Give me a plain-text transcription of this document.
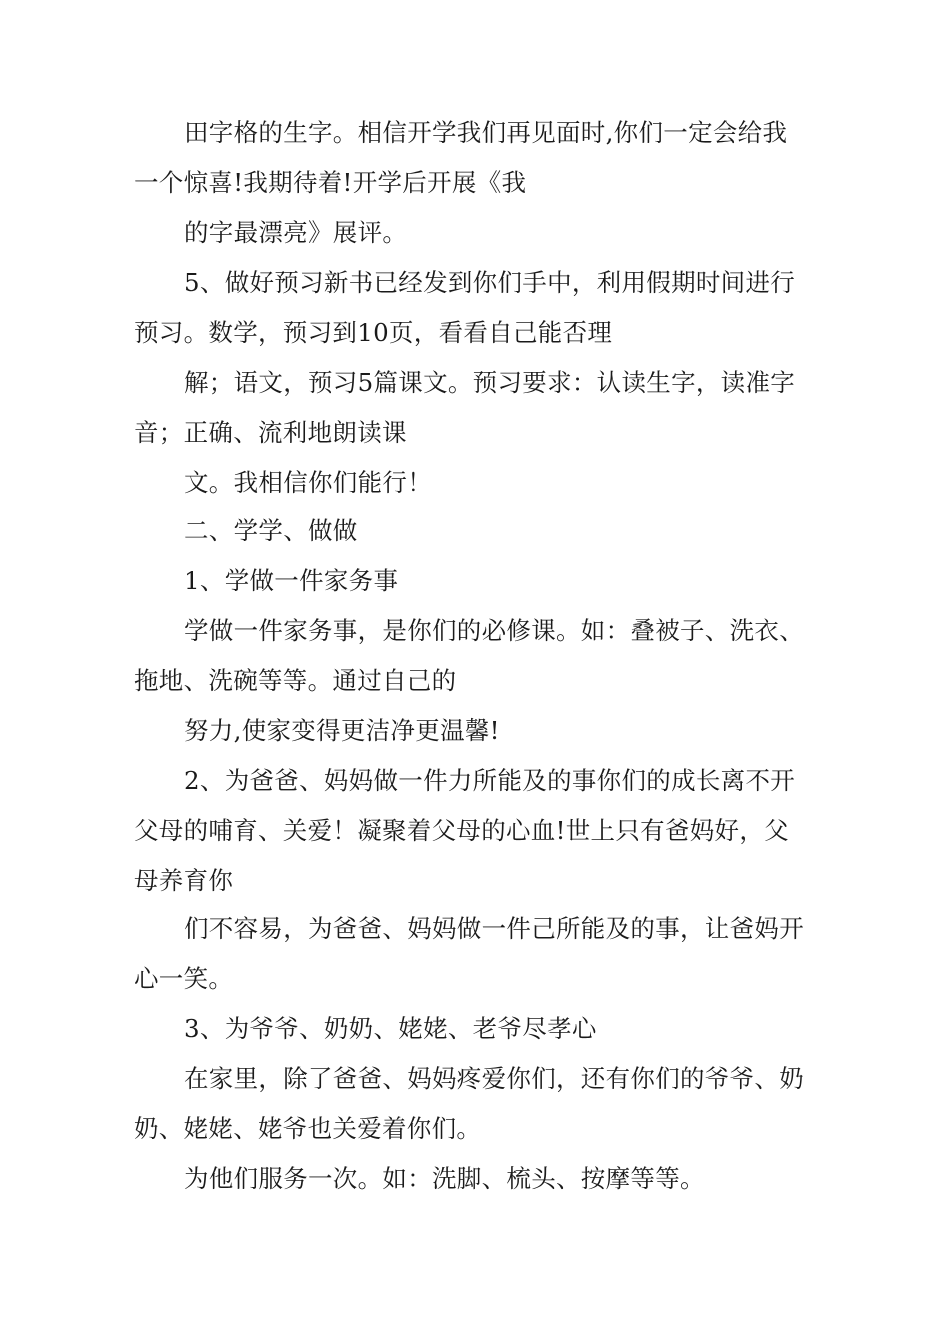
田字格的生字。相信开学我们再见面时,你们一定会给我
一个惊喜!我期待着!开学后开展《我

的字最漂亮》展评。

5、做好预习新书已经发到你们手中，利用假期时间进行
预习。数学，预习到10页，看看自己能否理

解；语文，预习5篇课文。预习要求：认读生字，读准字
音；正确、流利地朗读课

文。我相信你们能行！

二、学学、做做

1、学做一件家务事

学做一件家务事，是你们的必修课。如：叠被子、洗衣、
拖地、洗碗等等。通过自己的

努力,使家变得更洁净更温馨!

2、为爸爸、妈妈做一件力所能及的事你们的成长离不开
父母的哺育、关爱！凝聚着父母的心血!世上只有爸妈好，父
母养育你

们不容易，为爸爸、妈妈做一件己所能及的事，让爸妈开
心一笑。

3、为爷爷、奶奶、姥姥、老爷尽孝心

在家里，除了爸爸、妈妈疼爱你们，还有你们的爷爷、奶
奶、姥姥、姥爷也关爱着你们。

为他们服务一次。如：洗脚、梳头、按摩等等。
